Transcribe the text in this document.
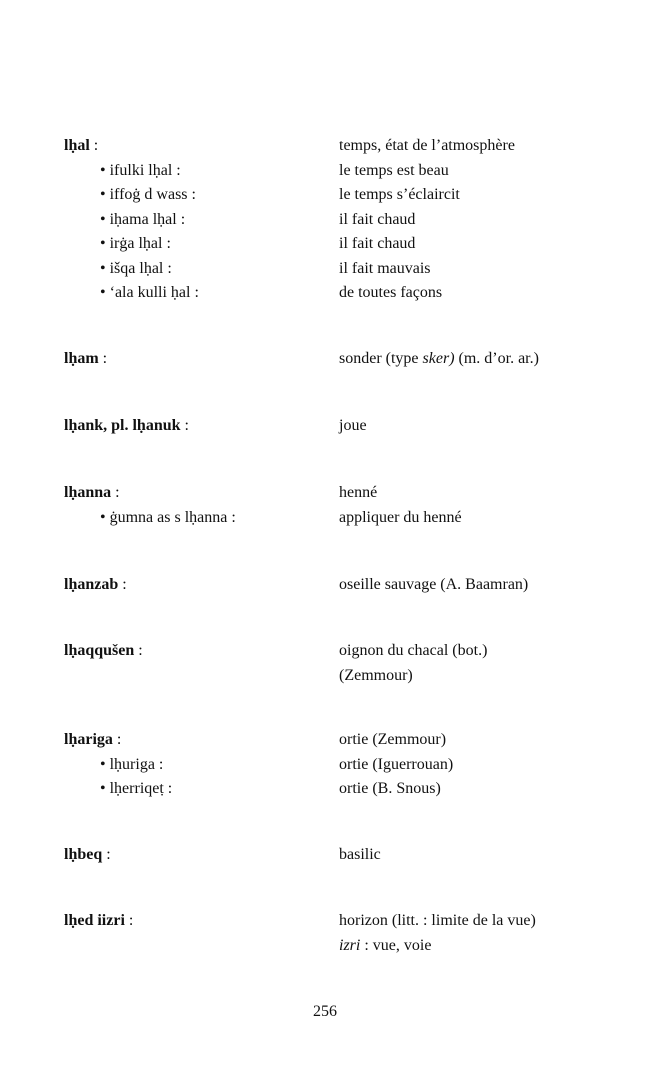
lḥal :	temps, état de l’atmosphère
• ifulki lḥal :	le temps est beau
• iffoġ d wass :	le temps s’éclaircit
• iḥama lḥal :	il fait chaud
• irġa lḥal :	il fait chaud
• išqa lḥal :	il fait mauvais
• ‘ala kulli ḥal :	de toutes façons
lḥam :	sonder (type sker) (m. d’or. ar.)
lḥank, pl. lḥanuk :	joue
lḥanna :	henné
• ġumna as s lḥanna :	appliquer du henné
lḥanzab :	oseille sauvage (A. Baamran)
lḥaqqušen :	oignon du chacal (bot.)
(Zemmour)
lḥariga :	ortie (Zemmour)
• lḥuriga :	ortie (Iguerrouan)
• lḥerriqeṭ :	ortie (B. Snous)
lḥbeq :	basilic
lḥed iizri :	horizon (litt. : limite de la vue)
izri : vue, voie
256
